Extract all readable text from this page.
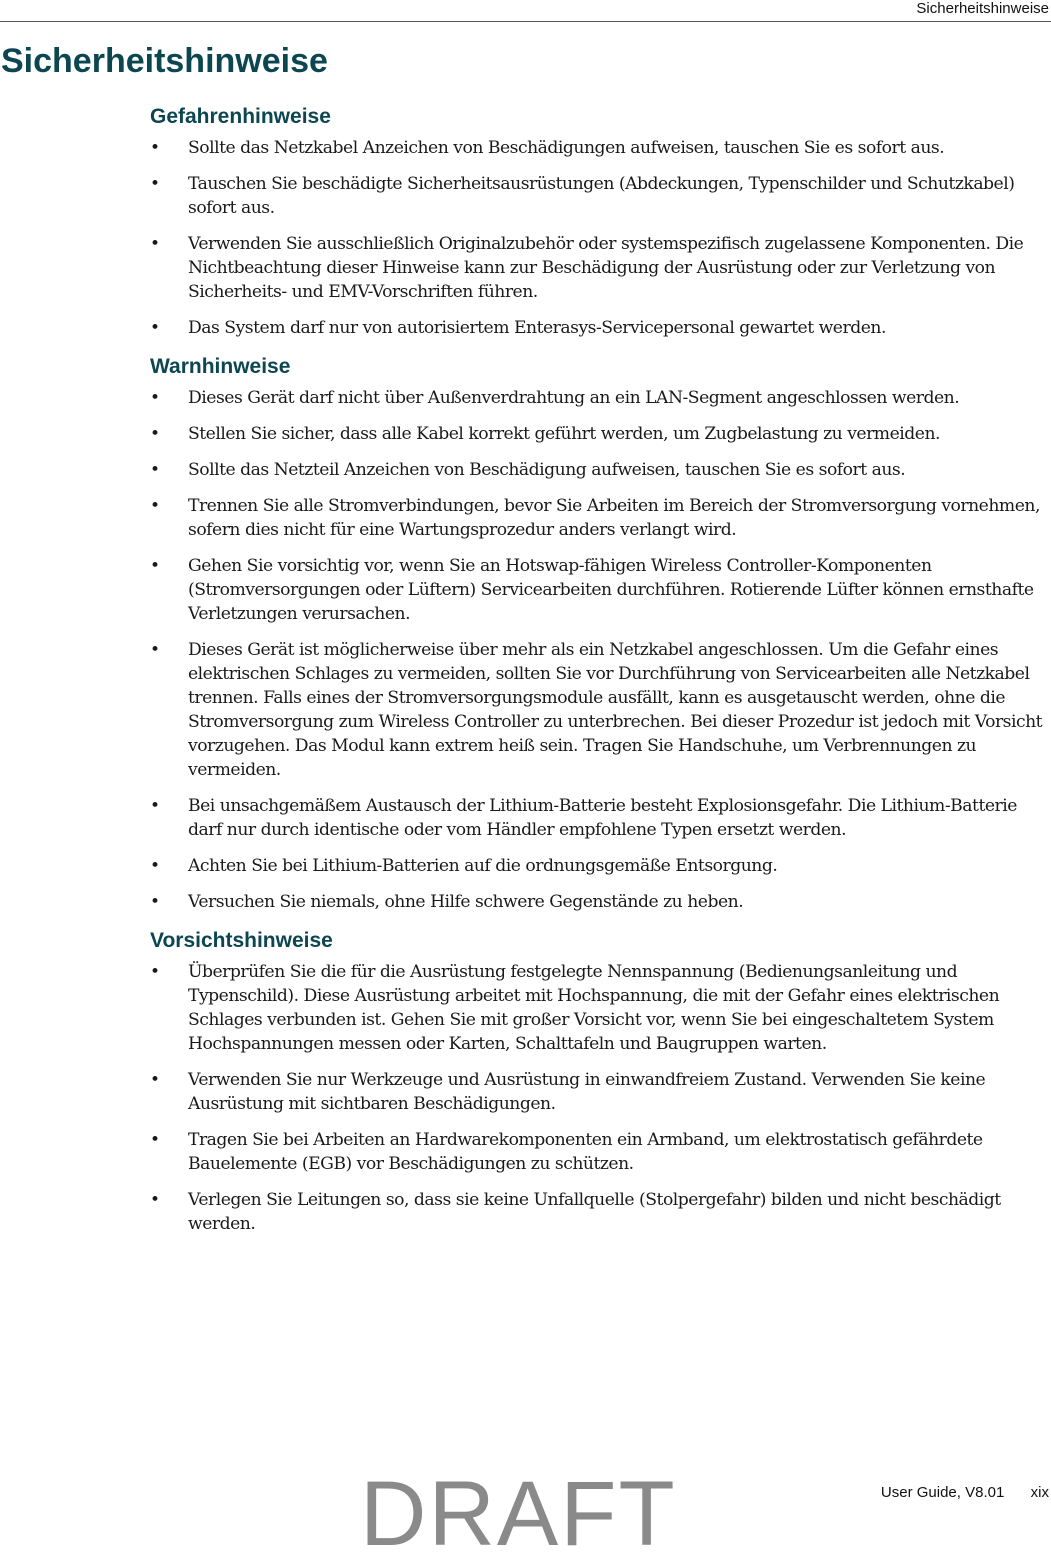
Sicherheitshinweise
Sicherheitshinweise
Gefahrenhinweise
• Sollte das Netzkabel Anzeichen von Beschädigungen aufweisen, tauschen Sie es sofort aus.
• Tauschen Sie beschädigte Sicherheitsausrüstungen (Abdeckungen, Typenschilder und Schutzkabel) sofort aus.
• Verwenden Sie ausschließlich Originalzubehör oder systemspezifisch zugelassene Komponenten. Die Nichtbeachtung dieser Hinweise kann zur Beschädigung der Ausrüstung oder zur Verletzung von Sicherheits- und EMV-Vorschriften führen.
• Das System darf nur von autorisiertem Enterasys-Servicepersonal gewartet werden.
Warnhinweise
• Dieses Gerät darf nicht über Außenverdrahtung an ein LAN-Segment angeschlossen werden.
• Stellen Sie sicher, dass alle Kabel korrekt geführt werden, um Zugbelastung zu vermeiden.
• Sollte das Netzteil Anzeichen von Beschädigung aufweisen, tauschen Sie es sofort aus.
• Trennen Sie alle Stromverbindungen, bevor Sie Arbeiten im Bereich der Stromversorgung vornehmen, sofern dies nicht für eine Wartungsprozedur anders verlangt wird.
• Gehen Sie vorsichtig vor, wenn Sie an Hotswap-fähigen Wireless Controller-Komponenten (Stromversorgungen oder Lüftern) Servicearbeiten durchführen. Rotierende Lüfter können ernsthafte Verletzungen verursachen.
• Dieses Gerät ist möglicherweise über mehr als ein Netzkabel angeschlossen. Um die Gefahr eines elektrischen Schlages zu vermeiden, sollten Sie vor Durchführung von Servicearbeiten alle Netzkabel trennen. Falls eines der Stromversorgungsmodule ausfällt, kann es ausgetauscht werden, ohne die Stromversorgung zum Wireless Controller zu unterbrechen. Bei dieser Prozedur ist jedoch mit Vorsicht vorzugehen. Das Modul kann extrem heiß sein. Tragen Sie Handschuhe, um Verbrennungen zu vermeiden.
• Bei unsachgemäßem Austausch der Lithium-Batterie besteht Explosionsgefahr. Die Lithium-Batterie darf nur durch identische oder vom Händler empfohlene Typen ersetzt werden.
• Achten Sie bei Lithium-Batterien auf die ordnungsgemäße Entsorgung.
• Versuchen Sie niemals, ohne Hilfe schwere Gegenstände zu heben.
Vorsichtshinweise
• Überprüfen Sie die für die Ausrüstung festgelegte Nennspannung (Bedienungsanleitung und Typenschild). Diese Ausrüstung arbeitet mit Hochspannung, die mit der Gefahr eines elektrischen Schlages verbunden ist. Gehen Sie mit großer Vorsicht vor, wenn Sie bei eingeschaltetem System Hochspannungen messen oder Karten, Schalttafeln und Baugruppen warten.
• Verwenden Sie nur Werkzeuge und Ausrüstung in einwandfreiem Zustand. Verwenden Sie keine Ausrüstung mit sichtbaren Beschädigungen.
• Tragen Sie bei Arbeiten an Hardwarekomponenten ein Armband, um elektrostatisch gefährdete Bauelemente (EGB) vor Beschädigungen zu schützen.
• Verlegen Sie Leitungen so, dass sie keine Unfallquelle (Stolpergefahr) bilden und nicht beschädigt werden.
User Guide, V8.01 xix
DRAFT
